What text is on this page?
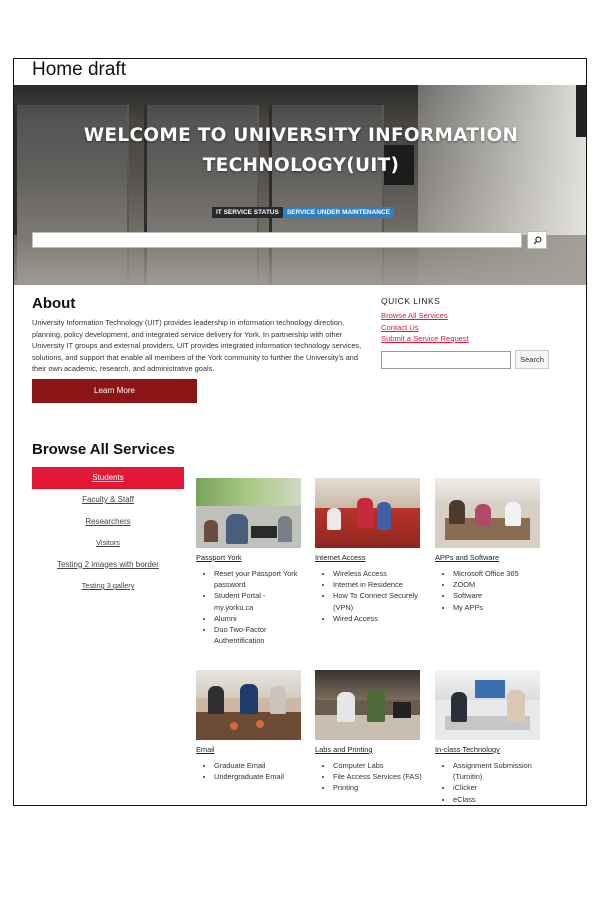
Home draft
WELCOME TO UNIVERSITY INFORMATION
TECHNOLOGY(UIT)
IT SERVICE STATUS	SERVICE UNDER MAINTENANCE
About

University Information Technology (UIT) provides leadership in information technology direction, planning, policy development, and integrated service delivery for York. In partnership with other University IT groups and external providers, UIT provides integrated information technology services, solutions, and support that enable all members of the York community to further the University's and their own academic, research, and administrative goals.

Learn More
QUICK LINKS
Browse All Services
Contact Us
Submit a Service Request
Search
Browse All Services
Students
Faculty & Staff
Researchers
Visitors
Testing 2 images with border
Testing 3 gallery
Passport York
• Reset your Passport York password
• Student Portal - my.yorku.ca
• Alumni
• Duo Two-Factor Authentification
Internet Access
• Wireless Access
• Internet in Residence
• How To Connect Securely (VPN)
• Wired Access
APPs and Software
• Microsoft Office 365
• ZOOM
• Software
• My APPs
Email
• Graduate Email
• Undergraduate Email
Labs and Printing
• Computer Labs
• File Access Services (FAS)
• Printing
In-class Technology
• Assignment Submission (Turnitin)
• iClicker
• eClass
